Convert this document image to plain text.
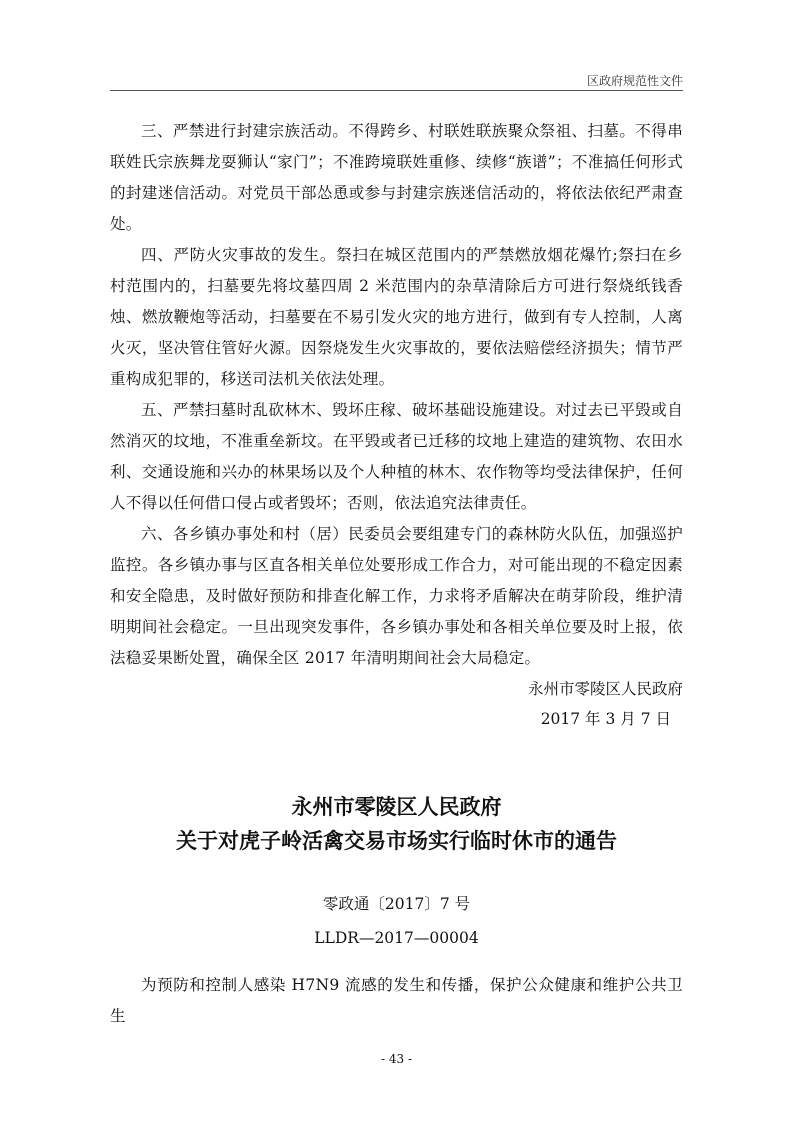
区政府规范性文件

三、严禁进行封建宗族活动。不得跨乡、村联姓联族聚众祭祖、扫墓。不得串联姓氏宗族舞龙耍狮认“家门”；不准跨境联姓重修、续修“族谱”；不准搞任何形式的封建迷信活动。对党员干部怂恿或参与封建宗族迷信活动的，将依法依纪严肃查处。

四、严防火灾事故的发生。祭扫在城区范围内的严禁燃放烟花爆竹;祭扫在乡村范围内的，扫墓要先将坟墓四周 2 米范围内的杂草清除后方可进行祭烧纸钱香烛、燃放鞭炮等活动，扫墓要在不易引发火灾的地方进行，做到有专人控制，人离火灭，坚决管住管好火源。因祭烧发生火灾事故的，要依法赔偿经济损失；情节严重构成犯罪的，移送司法机关依法处理。

五、严禁扫墓时乱砍林木、毁坏庄稼、破坏基础设施建设。对过去已平毁或自然消灭的坟地，不准重垒新坟。在平毁或者已迁移的坟地上建造的建筑物、农田水利、交通设施和兴办的林果场以及个人种植的林木、农作物等均受法律保护，任何人不得以任何借口侵占或者毁坏；否则，依法追究法律责任。

六、各乡镇办事处和村（居）民委员会要组建专门的森林防火队伍，加强巡护监控。各乡镇办事与区直各相关单位处要形成工作合力，对可能出现的不稳定因素和安全隐患，及时做好预防和排查化解工作，力求将矛盾解决在萌芽阶段，维护清明期间社会稳定。一旦出现突发事件，各乡镇办事处和各相关单位要及时上报，依法稳妥果断处置，确保全区 2017 年清明期间社会大局稳定。

永州市零陵区人民政府

2017 年 3 月 7 日

永州市零陵区人民政府

关于对虎子岭活禽交易市场实行临时休市的通告

零政通〔2017〕7 号

LLDR—2017—00004

为预防和控制人感染 H7N9 流感的发生和传播，保护公众健康和维护公共卫生

- 43 -
